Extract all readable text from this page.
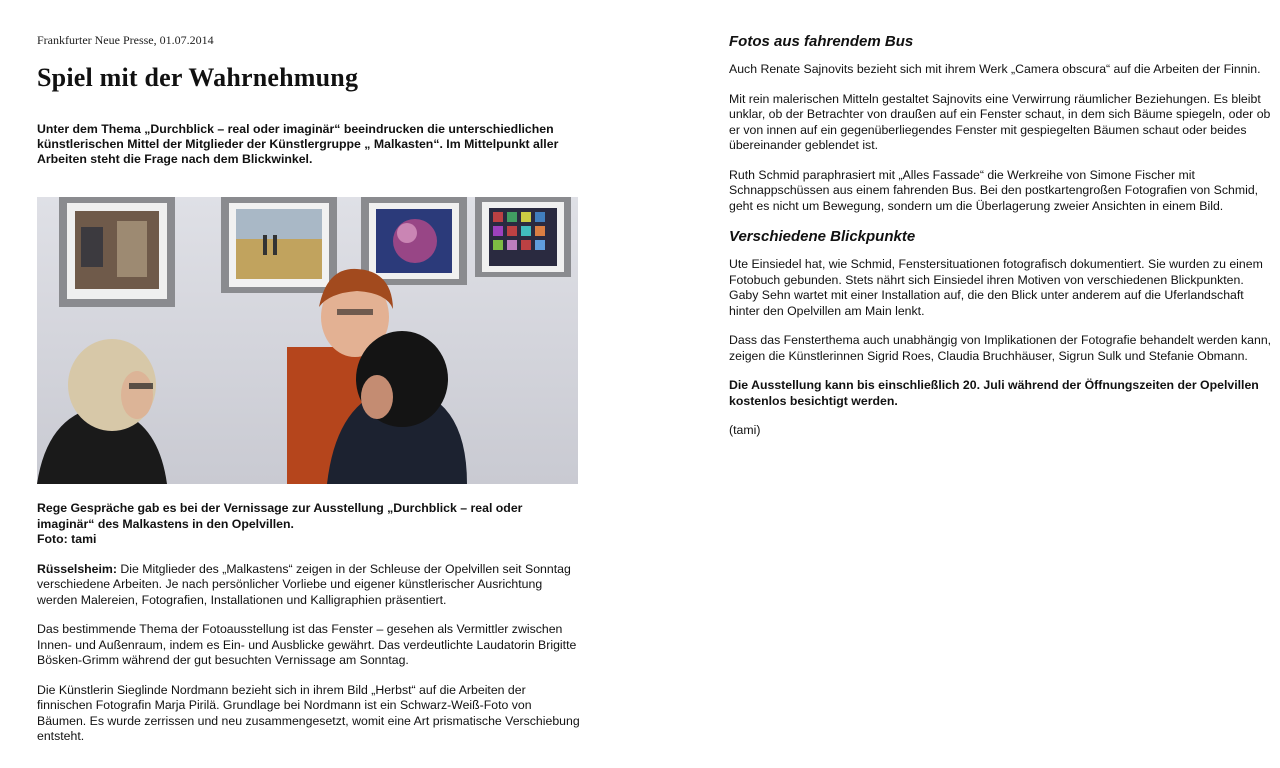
Frankfurter Neue Presse, 01.07.2014

Spiel mit der Wahrnehmung

Unter dem Thema „Durchblick – real oder imaginär“ beeindrucken die unterschiedlichen künstlerischen Mittel der Mitglieder der Künstlergruppe „ Malkasten“. Im Mittelpunkt aller Arbeiten steht die Frage nach dem Blickwinkel.

Rege Gespräche gab es bei der Vernissage zur Ausstellung „Durchblick – real oder imaginär“ des Malkastens in den Opelvillen.
Foto: tami

Rüsselsheim: Die Mitglieder des „Malkastens“ zeigen in der Schleuse der Opelvillen seit Sonntag verschiedene Arbeiten. Je nach persönlicher Vorliebe und eigener künstlerischer Ausrichtung werden Malereien, Fotografien, Installationen und Kalligraphien präsentiert.

Das bestimmende Thema der Fotoausstellung ist das Fenster – gesehen als Vermittler zwischen Innen- und Außenraum, indem es Ein- und Ausblicke gewährt. Das verdeutlichte Laudatorin Brigitte Bösken-Grimm während der gut besuchten Vernissage am Sonntag.

Die Künstlerin Sieglinde Nordmann bezieht sich in ihrem Bild „Herbst“ auf die Arbeiten der finnischen Fotografin Marja Pirilä. Grundlage bei Nordmann ist ein Schwarz-Weiß-Foto von Bäumen. Es wurde zerrissen und neu zusammengesetzt, womit eine Art prismatische Verschiebung entsteht.

Fotos aus fahrendem Bus

Auch Renate Sajnovits bezieht sich mit ihrem Werk „Camera obscura“ auf die Arbeiten der Finnin.

Mit rein malerischen Mitteln gestaltet Sajnovits eine Verwirrung räumlicher Beziehungen. Es bleibt unklar, ob der Betrachter von draußen auf ein Fenster schaut, in dem sich Bäume spiegeln, oder ob er von innen auf ein gegenüberliegendes Fenster mit gespiegelten Bäumen schaut oder beides übereinander geblendet ist.

Ruth Schmid paraphrasiert mit „Alles Fassade“ die Werkreihe von Simone Fischer mit Schnappschüssen aus einem fahrenden Bus. Bei den postkartengroßen Fotografien von Schmid, geht es nicht um Bewegung, sondern um die Überlagerung zweier Ansichten in einem Bild.

Verschiedene Blickpunkte

Ute Einsiedel hat, wie Schmid, Fenstersituationen fotografisch dokumentiert. Sie wurden zu einem Fotobuch gebunden. Stets nährt sich Einsiedel ihren Motiven von verschiedenen Blickpunkten. Gaby Sehn wartet mit einer Installation auf, die den Blick unter anderem auf die Uferlandschaft hinter den Opelvillen am Main lenkt.

Dass das Fensterthema auch unabhängig von Implikationen der Fotografie behandelt werden kann, zeigen die Künstlerinnen Sigrid Roes, Claudia Bruchhäuser, Sigrun Sulk und Stefanie Obmann.

Die Ausstellung kann bis einschließlich 20. Juli während der Öffnungszeiten der Opelvillen kostenlos besichtigt werden.

(tami)
